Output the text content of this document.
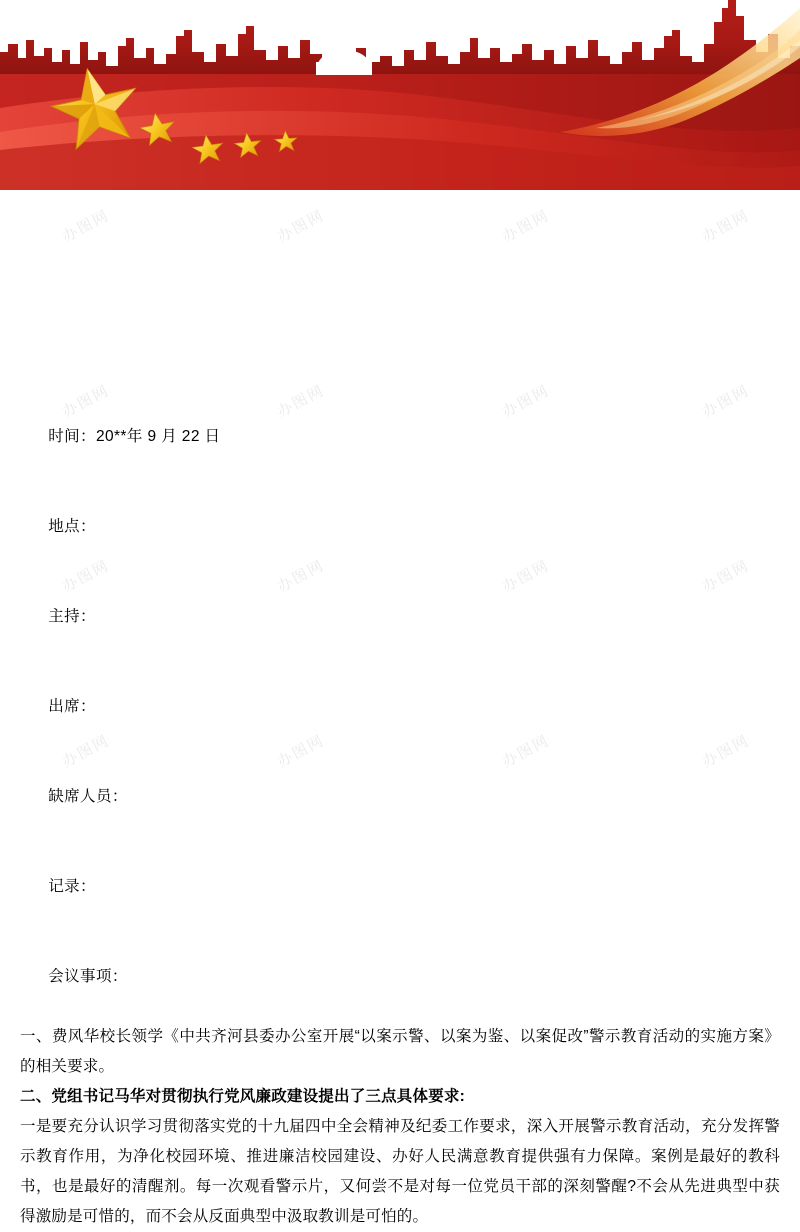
时间：20**年 9 月 22 日

地点：

主持：

出席：

缺席人员：

记录：

会议事项：

一、费风华校长领学《中共齐河县委办公室开展“以案示警、以案为鉴、以案促改”警示教育活动的实施方案》的相关要求。
二、党组书记马华对贯彻执行党风廉政建设提出了三点具体要求:
一是要充分认识学习贯彻落实党的十九届四中全会精神及纪委工作要求，深入开展警示教育活动，充分发挥警示教育作用，为净化校园环境、推进廉洁校园建设、办好人民满意教育提供强有力保障。案例是最好的教科书，也是最好的清醒剂。每一次观看警示片，又何尝不是对每一位党员干部的深刻警醒?不会从先进典型中获得激励是可惜的，而不会从反面典型中汲取教训是可怕的。
办图网	办图网	办图网	办图网
办图网	办图网	办图网	办图网
办图网	办图网	办图网	办图网
办图网	办图网	办图网	办图网
